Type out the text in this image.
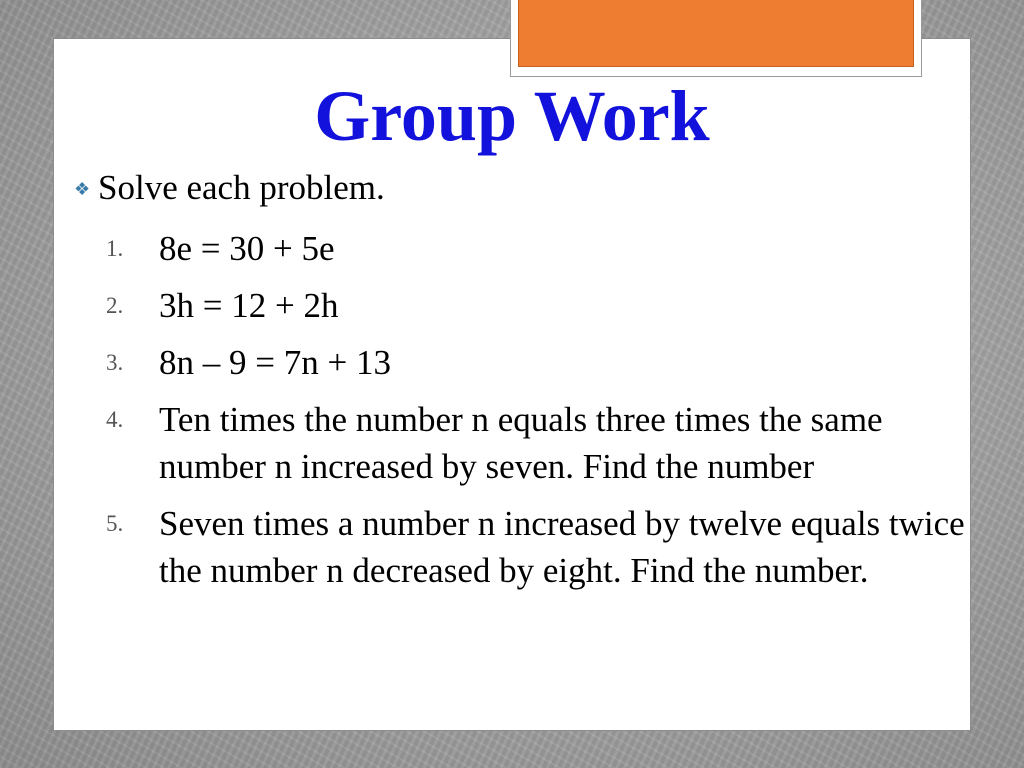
Group Work
❖ Solve each problem.
1. 8e = 30 + 5e
2. 3h = 12 + 2h
3. 8n – 9 = 7n + 13
4. Ten times the number n equals three times the same number n increased by seven. Find the number
5. Seven times a number n increased by twelve equals twice the number n decreased by eight. Find the number.
